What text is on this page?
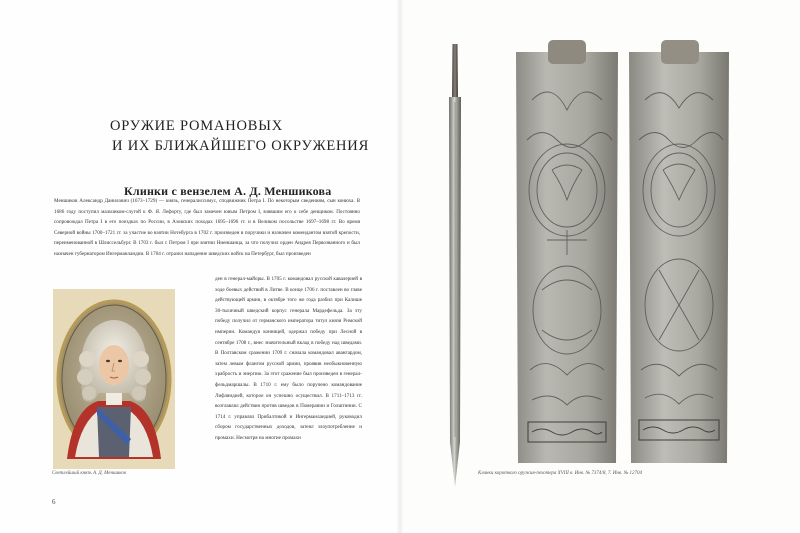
ОРУЖИЕ РОМАНОВЫХ
И ИХ БЛИЖАЙШЕГО ОКРУЖЕНИЯ
Клинки с вензелем А. Д. Меншикова

Меншиков Александр Данилович (1673–1729) — князь, генералиссимус, сподвижник Петра I. По некоторым сведениям, сын конюха. В 1686 году поступил мальчиком-слугой к Ф. Я. Лефорту, где был замечен юным Петром I, взявшим его к себе денщиком. Постоянно сопровождал Петра I в его поездках по России, в Азовских походах 1695–1696 гг. и в Великом посольстве 1697–1698 гг. Во время Северной войны 1700–1721 гг. за участие во взятии Нотебурга в 1702 г. произведен в поручики и назначен комендантом взятой крепости, переименованной в Шлиссельбург. В 1703 г. был с Петром I при взятии Ниеншанца, за что получил орден Андрея Первозванного и был назначен губернатором Ингерманландии. В 1704 г. отразил нападение шведских войск на Петербург, был произведен

ден в генерал-майоры. В 1705 г. командовал русской кавалерией в ходе боевых действий в Литве. В конце 1706 г. поставлен во главе действующей армии, в октябре того же года разбил при Калише 30-тысячный шведский корпус генерала Мардефельда. За эту победу получил от германского императора титул князя Римской империи. Командуя конницей, одержал победу при Лесной в сентябре 1708 г., внес значительный вклад в победу над шведами. В Полтавском сражении 1709 г. сначала командовал авангардом, затем левым флангом русской армии, проявив необыкновенную храбрость и энергию. За этот сражение был произведен в генерал-фельдмаршалы. В 1710 г. ему было поручено командование Лифляндией, которое он успешно осуществил. В 1711–1713 гг. возглавлял действия против шведов в Померании и Голштинии. С 1714 г. управлял Прибалтикой и Ингерманландией, руководил сбором государственных доходов, затеял злоупотребление и промахи. Несмотря на многие промахи

Светлейший князь А. Д. Меншиков
6
Клинки короткого оружия-пехотера XVIII в. Инв. № 7374/8, 7. Инв. № 12704
